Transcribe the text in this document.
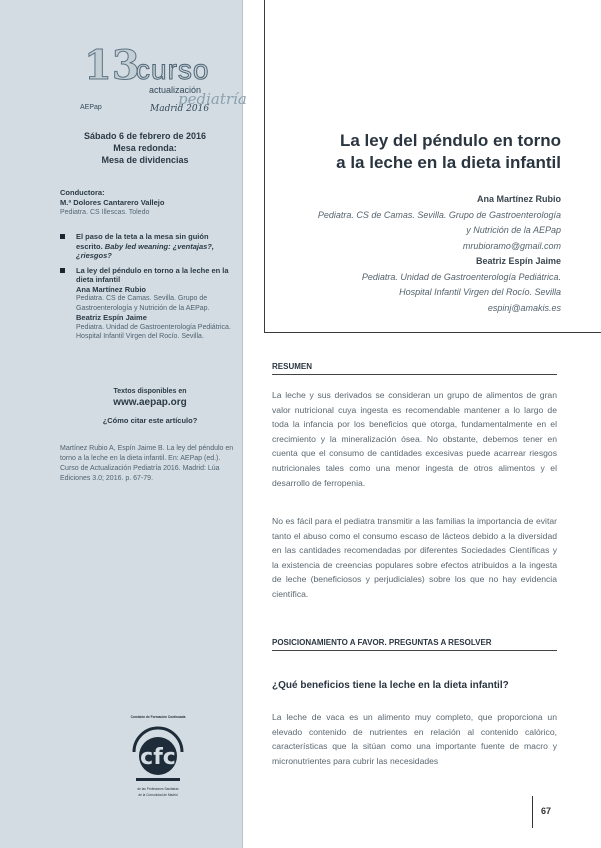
13
curso
actualización
pediatría
AEPap	Madrid 2016
Sábado 6 de febrero de 2016
Mesa redonda:
Mesa de dividencias
Conductora:
M.ª Dolores Cantarero Vallejo
Pediatra. CS Illescas. Toledo
El paso de la teta a la mesa sin guión escrito. Baby led weaning: ¿ventajas?, ¿riesgos?
La ley del péndulo en torno a la leche en la dieta infantil
Ana Martínez Rubio
Pediatra. CS de Camas. Sevilla. Grupo de Gastroenterología y Nutrición de la AEPap.
Beatriz Espín Jaime
Pediatra. Unidad de Gastroenterología Pediátrica. Hospital Infantil Virgen del Rocío. Sevilla.
Textos disponibles en
www.aepap.org
¿Cómo citar este artículo?
Martínez Rubio A, Espín Jaime B. La ley del péndulo en torno a la leche en la dieta infantil. En: AEPap (ed.). Curso de Actualización Pediatría 2016. Madrid: Lúa Ediciones 3.0; 2016. p. 67-79.
Comisión de Formación Continuada
cfc
de las Profesiones Sanitarias
de la Comunidad de Madrid
La ley del péndulo en torno
a la leche en la dieta infantil
Ana Martínez Rubio
Pediatra. CS de Camas. Sevilla. Grupo de Gastroenterología
y Nutrición de la AEPap
mrubioramo@gmail.com
Beatriz Espín Jaime
Pediatra. Unidad de Gastroenterología Pediátrica.
Hospital Infantil Virgen del Rocío. Sevilla
espinj@amakis.es
RESUMEN
La leche y sus derivados se consideran un grupo de alimentos de gran valor nutricional cuya ingesta es recomendable mantener a lo largo de toda la infancia por los beneficios que otorga, fundamentalmente en el crecimiento y la mineralización ósea. No obstante, debemos tener en cuenta que el consumo de cantidades excesivas puede acarrear riesgos nutricionales tales como una menor ingesta de otros alimentos y el desarrollo de ferropenia.
No es fácil para el pediatra transmitir a las familias la importancia de evitar tanto el abuso como el consumo escaso de lácteos debido a la diversidad en las cantidades recomendadas por diferentes Sociedades Científicas y la existencia de creencias populares sobre efectos atribuidos a la ingesta de leche (beneficiosos y perjudiciales) sobre los que no hay evidencia científica.
POSICIONAMIENTO A FAVOR. PREGUNTAS A RESOLVER
¿Qué beneficios tiene la leche en la dieta infantil?
La leche de vaca es un alimento muy completo, que proporciona un elevado contenido de nutrientes en relación al contenido calórico, características que la sitúan como una importante fuente de macro y micronutrientes para cubrir las necesidades
67
